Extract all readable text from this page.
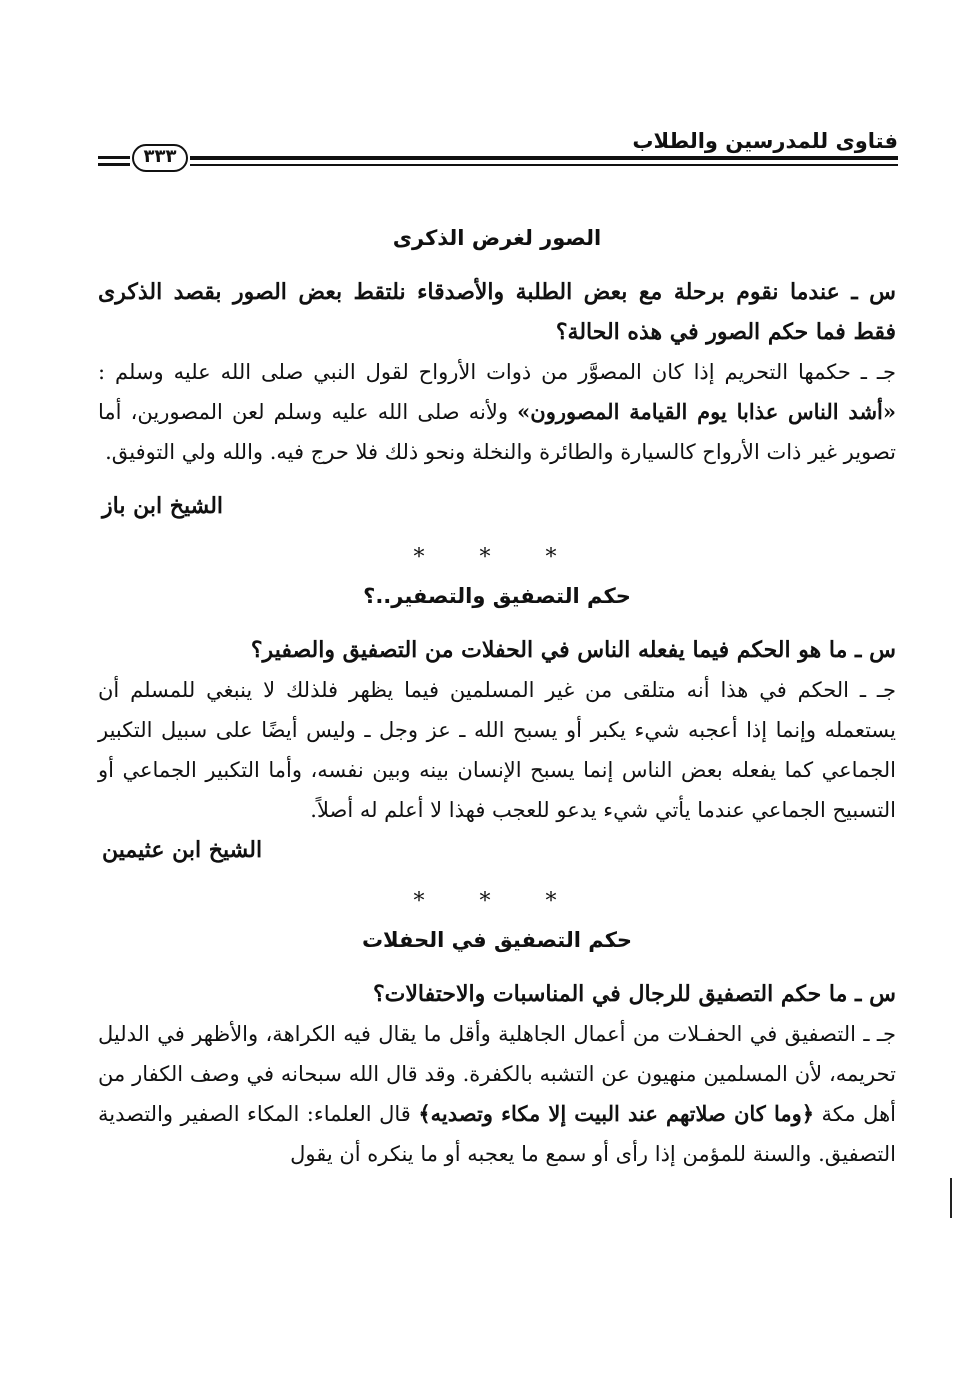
فتاوى للمدرسين والطلاب
٣٣٣
الصور لغرض الذكرى

س ـ عندما نقوم برحلة مع بعض الطلبة والأصدقاء نلتقط بعض الصور بقصد الذكرى فقط فما حكم الصور في هذه الحالة؟

جـ ـ حكمها التحريم إذا كان المصوَّر من ذوات الأرواح لقول النبي صلى الله عليه وسلم : «أشد الناس عذابا يوم القيامة المصورون» ولأنه صلى الله عليه وسلم لعن المصورين، أما تصوير غير ذات الأرواح كالسيارة والطائرة والنخلة ونحو ذلك فلا حرج فيه. والله ولي التوفيق.

الشيخ ابن باز

* * *

حكم التصفيق والتصفير..؟

س ـ ما هو الحكم فيما يفعله الناس في الحفلات من التصفيق والصفير؟

جـ ـ الحكم في هذا أنه متلقى من غير المسلمين فيما يظهر فلذلك لا ينبغي للمسلم أن يستعمله وإنما إذا أعجبه شيء يكبر أو يسبح الله ـ عز وجل ـ وليس أيضًا على سبيل التكبير الجماعي كما يفعله بعض الناس إنما يسبح الإنسان بينه وبين نفسه، وأما التكبير الجماعي أو التسبيح الجماعي عندما يأتي شيء يدعو للعجب فهذا لا أعلم له أصلاً.

الشيخ ابن عثيمين

* * *

حكم التصفيق في الحفلات

س ـ ما حكم التصفيق للرجال في المناسبات والاحتفالات؟

جـ ـ التصفيق في الحفـلات من أعمال الجاهلية وأقل ما يقال فيه الكراهة، والأظهر في الدليل تحريمه، لأن المسلمين منهيون عن التشبه بالكفرة. وقد قال الله سبحانه في وصف الكفار من أهل مكة ﴿وما كان صلاتهم عند البيت إلا مكاء وتصديه﴾ قال العلماء: المكاء الصفير والتصدية التصفيق. والسنة للمؤمن إذا رأى أو سمع ما يعجبه أو ما ينكره أن يقول
